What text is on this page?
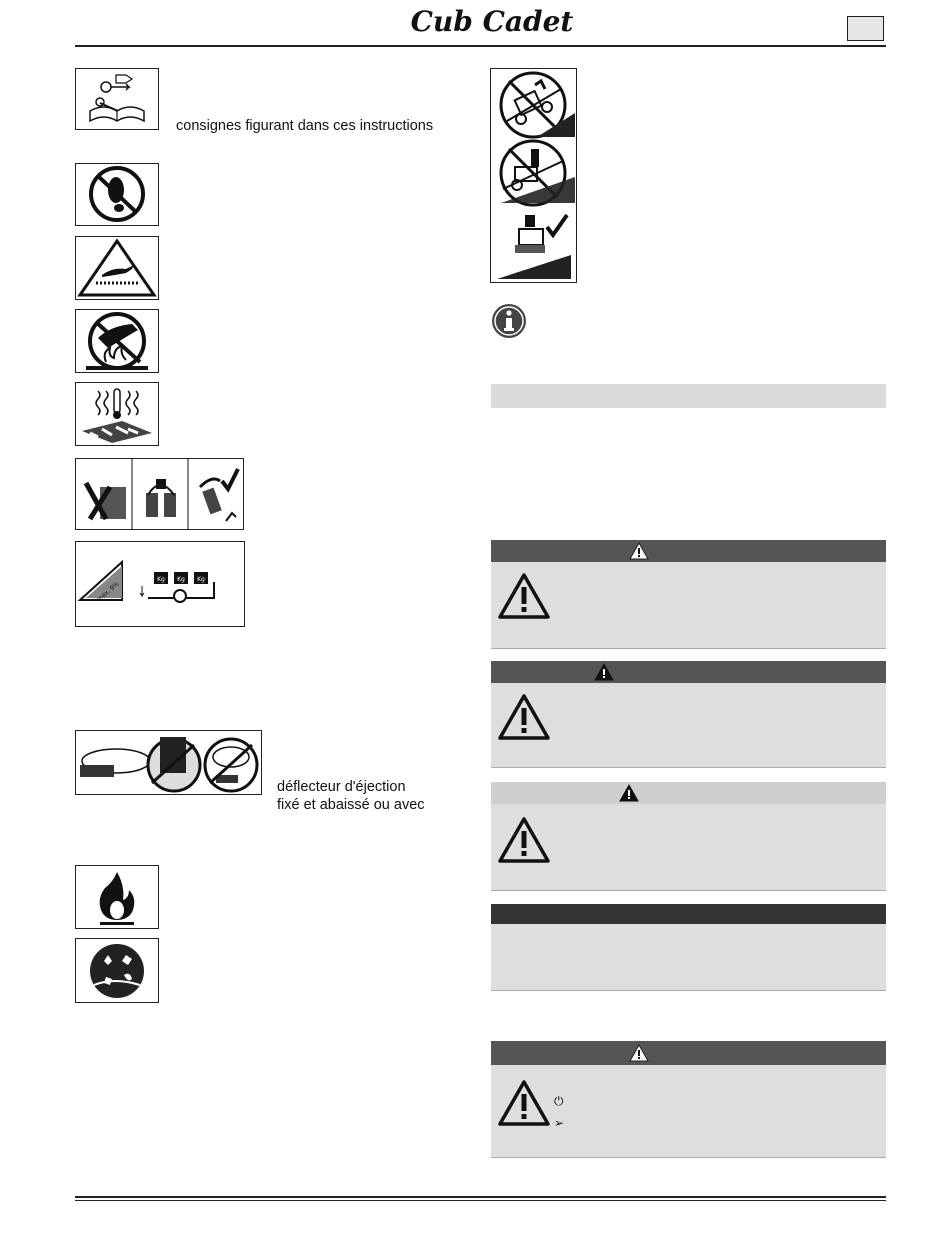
Cub Cadet
consignes figurant dans ces instructions
max. 9%
Kg Kg Kg
déflecteur d'éjection
fixé et abaissé ou avec
⏻
➢
